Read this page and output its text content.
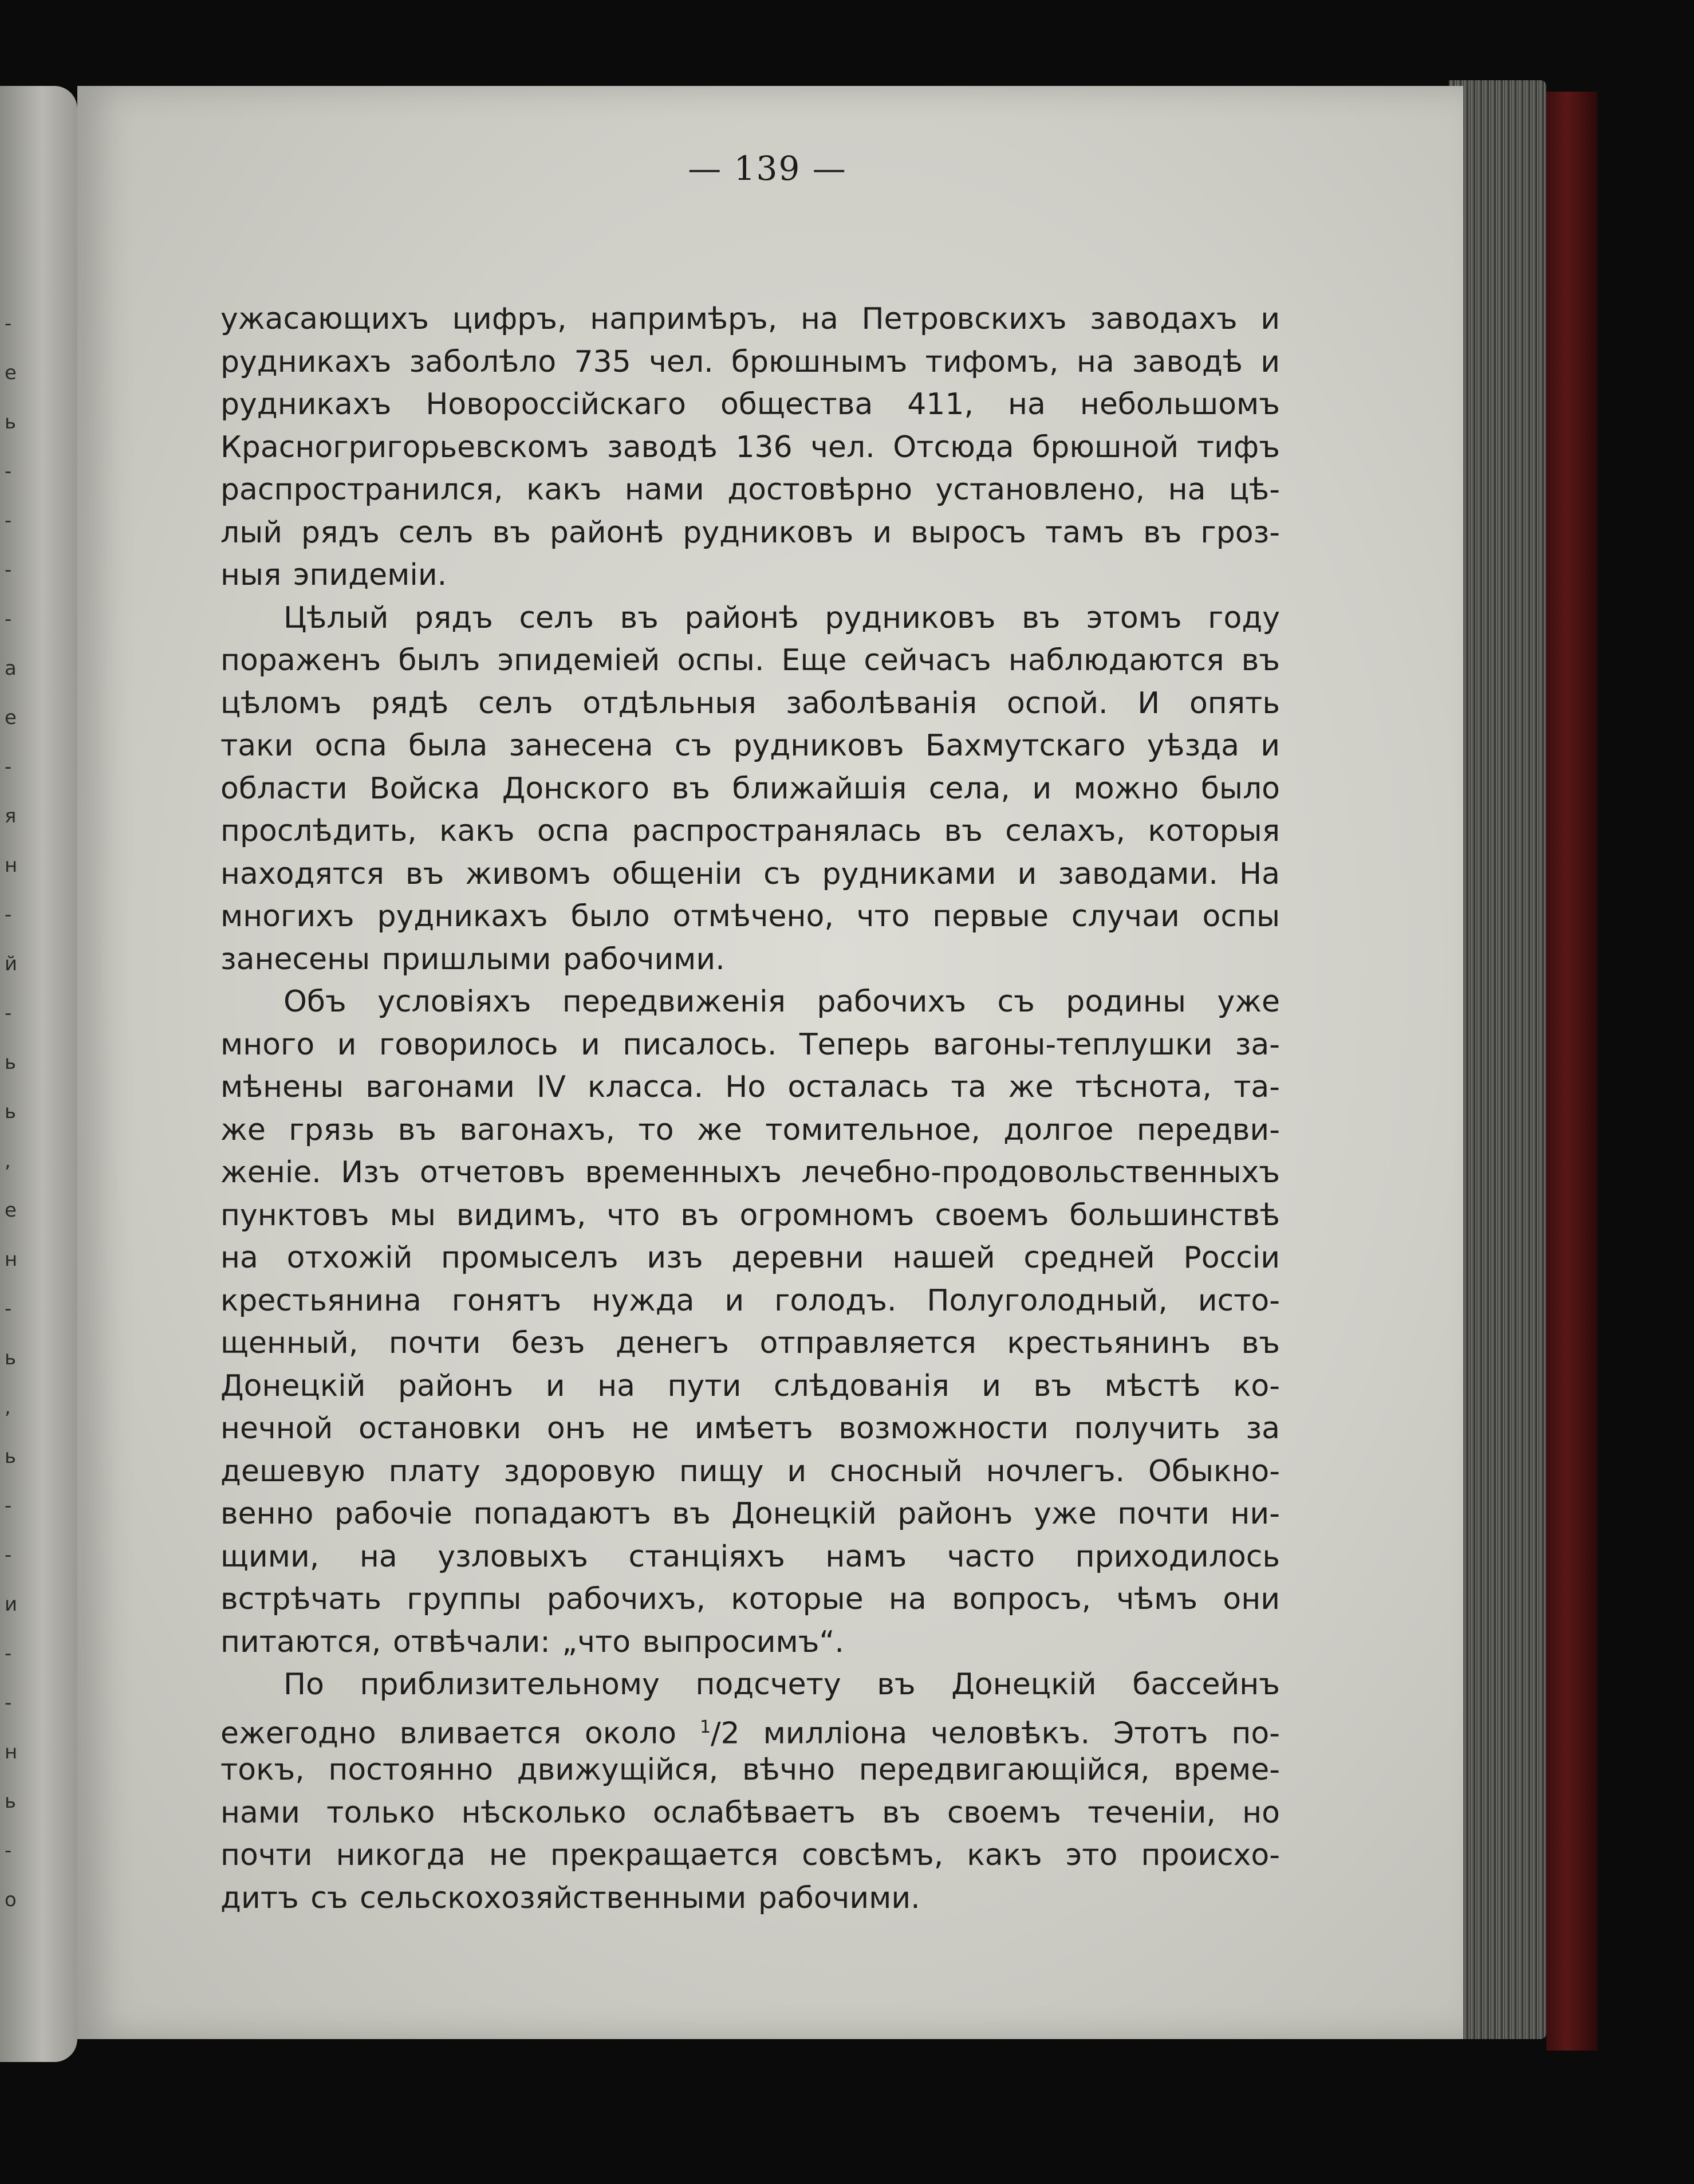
-
е
ь
-
-
-
-
а
е
-
я
н
-
й
-
ь
ь
,
е
н
-
ь
,
ь
-
-
и
-
-
н
ь
-
о
— 139 —
ужасающихъ цифръ, напримѣръ, на Петровскихъ заводахъ и
рудникахъ заболѣло 735 чел. брюшнымъ тифомъ, на заводѣ и
рудникахъ Новороссійскаго общества 411, на небольшомъ
Красногригорьевскомъ заводѣ 136 чел. Отсюда брюшной тифъ
распространился, какъ нами достовѣрно установлено, на цѣ-
лый рядъ селъ въ районѣ рудниковъ и выросъ тамъ въ гроз-
ныя эпидеміи.
Цѣлый рядъ селъ въ районѣ рудниковъ въ этомъ году
пораженъ былъ эпидеміей оспы. Еще сейчасъ наблюдаются въ
цѣломъ рядѣ селъ отдѣльныя заболѣванія оспой. И опять
таки оспа была занесена съ рудниковъ Бахмутскаго уѣзда и
области Войска Донского въ ближайшія села, и можно было
прослѣдить, какъ оспа распространялась въ селахъ, которыя
находятся въ живомъ общеніи съ рудниками и заводами. На
многихъ рудникахъ было отмѣчено, что первые случаи оспы
занесены пришлыми рабочими.
Объ условіяхъ передвиженія рабочихъ съ родины уже
много и говорилось и писалось. Теперь вагоны-теплушки за-
мѣнены вагонами IV класса. Но осталась та же тѣснота, та-
же грязь въ вагонахъ, то же томительное, долгое передви-
женіе. Изъ отчетовъ временныхъ лечебно-продовольственныхъ
пунктовъ мы видимъ, что въ огромномъ своемъ большинствѣ
на отхожій промыселъ изъ деревни нашей средней Россіи
крестьянина гонятъ нужда и голодъ. Полуголодный, исто-
щенный, почти безъ денегъ отправляется крестьянинъ въ
Донецкій районъ и на пути слѣдованія и въ мѣстѣ ко-
нечной остановки онъ не имѣетъ возможности получить за
дешевую плату здоровую пищу и сносный ночлегъ. Обыкно-
венно рабочіе попадаютъ въ Донецкій районъ уже почти ни-
щими, на узловыхъ станціяхъ намъ часто приходилось
встрѣчать группы рабочихъ, которые на вопросъ, чѣмъ они
питаются, отвѣчали: „что выпросимъ“.
По приблизительному подсчету въ Донецкій бассейнъ
ежегодно вливается около $^1$/2 милліона человѣкъ. Этотъ по-
токъ, постоянно движущійся, вѣчно передвигающійся, време-
нами только нѣсколько ослабѣваетъ въ своемъ теченіи, но
почти никогда не прекращается совсѣмъ, какъ это происхо-
дитъ съ сельскохозяйственными рабочими.
